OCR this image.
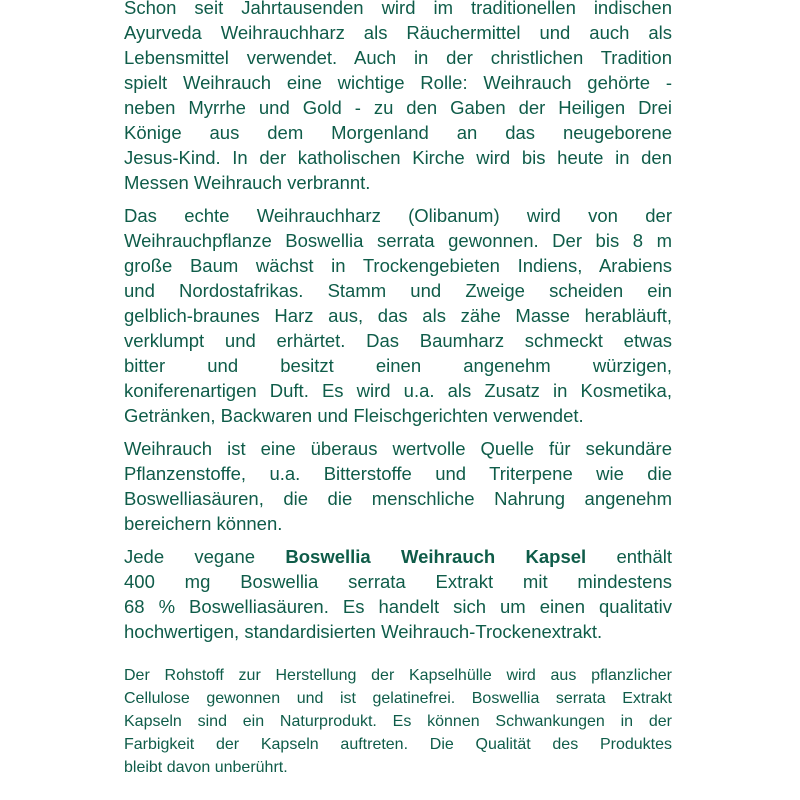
Schon seit Jahrtausenden wird im traditionellen indischen
Ayurveda Weihrauchharz als Räuchermittel und auch als
Lebensmittel verwendet. Auch in der christlichen Tradition
spielt Weihrauch eine wichtige Rolle: Weihrauch gehörte -
neben Myrrhe und Gold - zu den Gaben der Heiligen Drei
Könige aus dem Morgenland an das neugeborene
Jesus-Kind. In der katholischen Kirche wird bis heute in den
Messen Weihrauch verbrannt.
Das echte Weihrauchharz (Olibanum) wird von der
Weihrauchpflanze Boswellia serrata gewonnen. Der bis 8 m
große Baum wächst in Trockengebieten Indiens, Arabiens
und Nordostafrikas. Stamm und Zweige scheiden ein
gelblich-braunes Harz aus, das als zähe Masse herabläuft,
verklumpt und erhärtet. Das Baumharz schmeckt etwas
bitter und besitzt einen angenehm würzigen,
koniferenartigen Duft. Es wird u.a. als Zusatz in Kosmetika,
Getränken, Backwaren und Fleischgerichten verwendet.
Weihrauch ist eine überaus wertvolle Quelle für sekundäre
Pflanzenstoffe, u.a. Bitterstoffe und Triterpene wie die
Boswelliasäuren, die die menschliche Nahrung angenehm
bereichern können.
Jede vegane Boswellia Weihrauch Kapsel enthält
400 mg Boswellia serrata Extrakt mit mindestens
68 % Boswelliasäuren. Es handelt sich um einen qualitativ
hochwertigen, standardisierten Weihrauch-Trockenextrakt.
Der Rohstoff zur Herstellung der Kapselhülle wird aus pflanzlicher
Cellulose gewonnen und ist gelatinefrei. Boswellia serrata Extrakt
Kapseln sind ein Naturprodukt. Es können Schwankungen in der
Farbigkeit der Kapseln auftreten. Die Qualität des Produktes
bleibt davon unberührt.
